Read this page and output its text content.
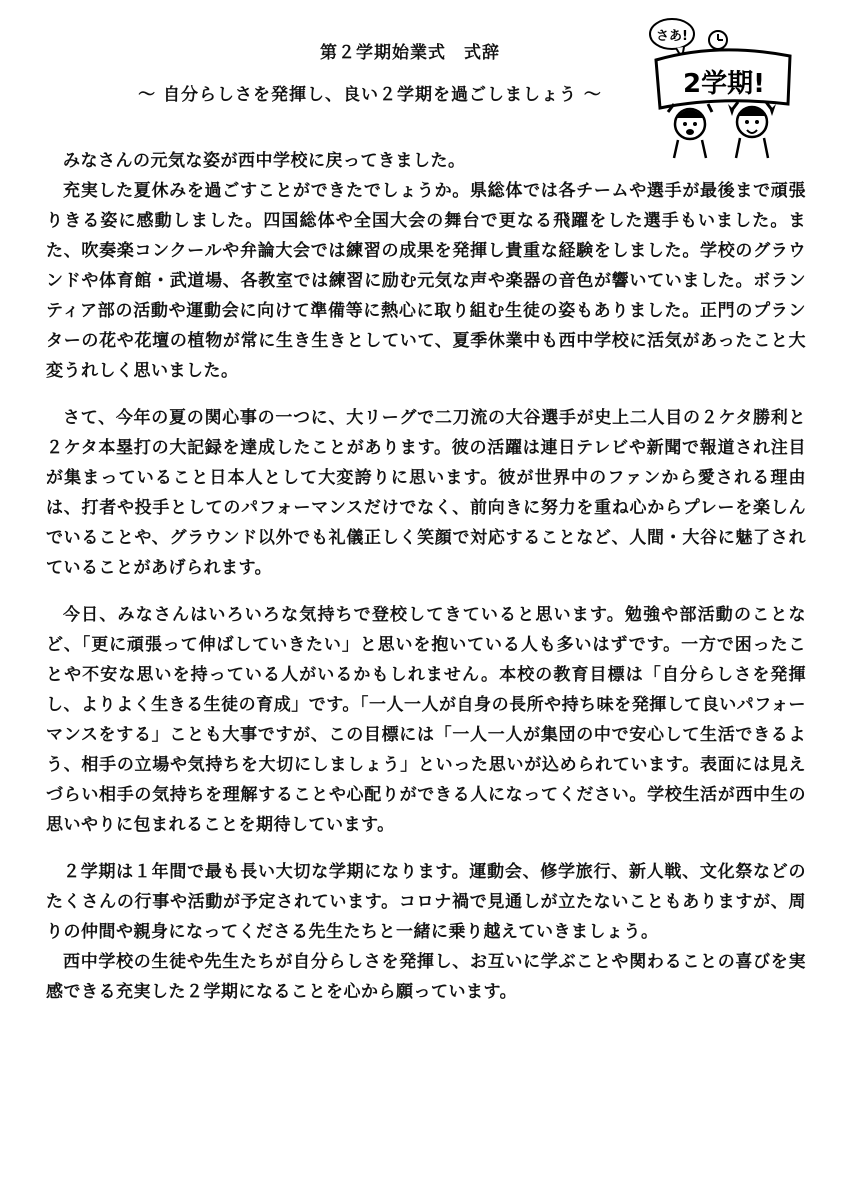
第２学期始業式　式辞
～ 自分らしさを発揮し、良い２学期を過ごしましょう ～
さあ!
2学期!

みなさんの元気な姿が西中学校に戻ってきました。

充実した夏休みを過ごすことができたでしょうか。県総体では各チームや選手が最後まで頑張りきる姿に感動しました。四国総体や全国大会の舞台で更なる飛躍をした選手もいました。また、吹奏楽コンクールや弁論大会では練習の成果を発揮し貴重な経験をしました。学校のグラウンドや体育館・武道場、各教室では練習に励む元気な声や楽器の音色が響いていました。ボランティア部の活動や運動会に向けて準備等に熱心に取り組む生徒の姿もありました。正門のプランターの花や花壇の植物が常に生き生きとしていて、夏季休業中も西中学校に活気があったこと大変うれしく思いました。

さて、今年の夏の関心事の一つに、大リーグで二刀流の大谷選手が史上二人目の２ケタ勝利と２ケタ本塁打の大記録を達成したことがあります。彼の活躍は連日テレビや新聞で報道され注目が集まっていること日本人として大変誇りに思います。彼が世界中のファンから愛される理由は、打者や投手としてのパフォーマンスだけでなく、前向きに努力を重ね心からプレーを楽しんでいることや、グラウンド以外でも礼儀正しく笑顔で対応することなど、人間・大谷に魅了されていることがあげられます。

今日、みなさんはいろいろな気持ちで登校してきていると思います。勉強や部活動のことなど、「更に頑張って伸ばしていきたい」と思いを抱いている人も多いはずです。一方で困ったことや不安な思いを持っている人がいるかもしれません。本校の教育目標は「自分らしさを発揮し、よりよく生きる生徒の育成」です。「一人一人が自身の長所や持ち味を発揮して良いパフォーマンスをする」ことも大事ですが、この目標には「一人一人が集団の中で安心して生活できるよう、相手の立場や気持ちを大切にしましょう」といった思いが込められています。表面には見えづらい相手の気持ちを理解することや心配りができる人になってください。学校生活が西中生の思いやりに包まれることを期待しています。

２学期は１年間で最も長い大切な学期になります。運動会、修学旅行、新人戦、文化祭などのたくさんの行事や活動が予定されています。コロナ禍で見通しが立たないこともありますが、周りの仲間や親身になってくださる先生たちと一緒に乗り越えていきましょう。

西中学校の生徒や先生たちが自分らしさを発揮し、お互いに学ぶことや関わることの喜びを実感できる充実した２学期になることを心から願っています。
